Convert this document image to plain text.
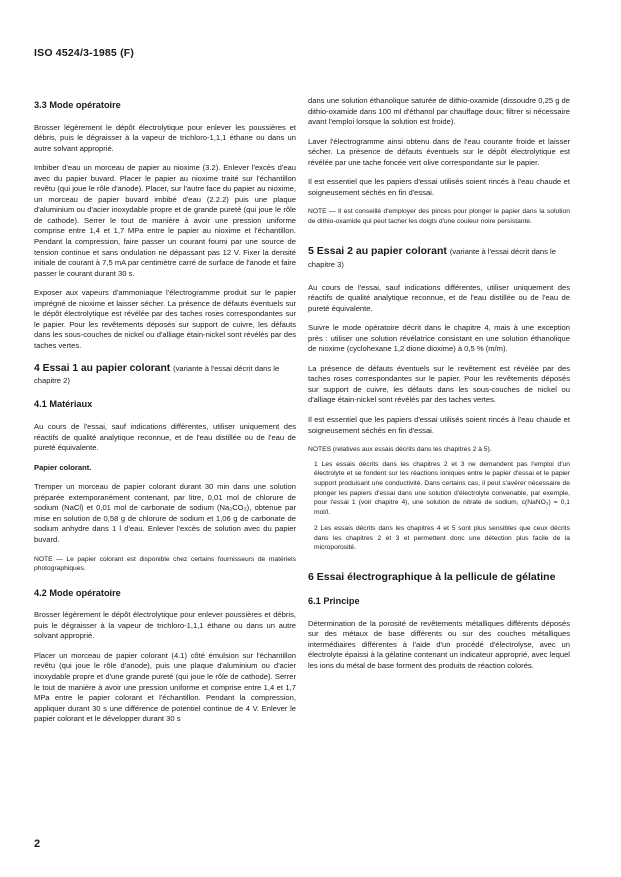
ISO 4524/3-1985 (F)
3.3 Mode opératoire

Brosser légèrement le dépôt électrolytique pour enlever les poussières et débris, puis le dégraisser à la vapeur de trichloro-1,1,1 éthane ou dans un autre solvant approprié.

Imbiber d'eau un morceau de papier au nioxime (3.2). Enlever l'excès d'eau avec du papier buvard. Placer le papier au nioxime traité sur l'échantillon revêtu (qui joue le rôle d'anode). Placer, sur l'autre face du papier au nioxime, un morceau de papier buvard imbibé d'eau (2.2.2) puis une plaque d'aluminium ou d'acier inoxydable propre et de grande pureté (qui joue le rôle de cathode). Serrer le tout de manière à avoir une pression uniforme comprise entre 1,4 et 1,7 MPa entre le papier au nioxime et l'échantillon. Pendant la compression, faire passer un courant fourni par une source de tension continue et sans ondulation ne dépassant pas 12 V. Fixer la densité initiale de courant à 7,5 mA par centimètre carré de surface de l'anode et faire passer le courant durant 30 s.

Exposer aux vapeurs d'ammoniaque l'électrogramme produit sur le papier imprégné de nioxime et laisser sécher. La présence de défauts éventuels sur le dépôt électrolytique est révélée par des taches roses correspondantes sur le papier. Pour les revêtements déposés sur support de cuivre, les défauts dans les sous-couches de nickel ou d'alliage étain-nickel sont révélés par des taches vertes.

4 Essai 1 au papier colorant (variante à l'essai décrit dans le chapitre 2)
4.1 Matériaux

Au cours de l'essai, sauf indications différentes, utiliser uniquement des réactifs de qualité analytique reconnue, et de l'eau distillée ou de l'eau de pureté équivalente.

Papier colorant.

Tremper un morceau de papier colorant durant 30 min dans une solution préparée extemporanément contenant, par litre, 0,01 mol de chlorure de sodium (NaCl) et 0,01 mol de carbonate de sodium (Na₂CO₃), obtenue par mise en solution de 0,58 g de chlorure de sodium et 1,06 g de carbonate de sodium anhydre dans 1 l d'eau. Enlever l'excès de solution avec du papier buvard.

NOTE — Le papier colorant est disponible chez certains fournisseurs de matériels photographiques.

4.2 Mode opératoire

Brosser légèrement le dépôt électrolytique pour enlever poussières et débris, puis le dégraisser à la vapeur de trichloro-1,1,1 éthane ou dans un autre solvant approprié.

Placer un morceau de papier colorant (4.1) côté émulsion sur l'échantillon revêtu (qui joue le rôle d'anode), puis une plaque d'aluminium ou d'acier inoxydable propre et d'une grande pureté (qui joue le rôle de cathode). Serrer le tout de manière à avoir une pression uniforme et comprise entre 1,4 et 1,7 MPa entre le papier colorant et l'échantillon. Pendant la compression, appliquer durant 30 s une différence de potentiel continue de 4 V. Enlever le papier colorant et le développer durant 30 s

dans une solution éthanolique saturée de dithio-oxamide (dissoudre 0,25 g de dithio-oxamide dans 100 ml d'éthanol par chauffage doux; filtrer si nécessaire avant l'emploi lorsque la solution est froide).

Laver l'électrogramme ainsi obtenu dans de l'eau courante froide et laisser sécher. La présence de défauts éventuels sur le dépôt électrolytique est révélée par une tache foncée vert olive correspondante sur le papier.

Il est essentiel que les papiers d'essai utilisés soient rincés à l'eau chaude et soigneusement séchés en fin d'essai.

NOTE — Il est conseillé d'employer des pinces pour plonger le papier dans la solution de dithio-oxamide qui peut tacher les doigts d'une couleur noire persistante.

5 Essai 2 au papier colorant (variante à l'essai décrit dans le chapitre 3)

Au cours de l'essai, sauf indications différentes, utiliser uniquement des réactifs de qualité analytique reconnue, et de l'eau distillée ou de l'eau de pureté équivalente.

Suivre le mode opératoire décrit dans le chapitre 4, mais à une exception près : utiliser une solution révélatrice consistant en une solution éthanolique de nioxime (cyclohexane 1,2 dione dioxime) à 0,5 % (m/m).

La présence de défauts éventuels sur le revêtement est révélée par des taches roses correspondantes sur le papier. Pour les revêtements déposés sur support de cuivre, les défauts dans les sous-couches de nickel ou d'alliage étain-nickel sont révélés par des taches vertes.

Il est essentiel que les papiers d'essai utilisés soient rincés à l'eau chaude et soigneusement séchés en fin d'essai.

NOTES (relatives aux essais décrits dans les chapitres 2 à 5).

1 Les essais décrits dans les chapitres 2 et 3 ne demandent pas l'emploi d'un électrolyte et se fondent sur les réactions ioniques entre le papier d'essai et le papier support produisant une conductivité. Dans certains cas, il peut s'avérer nécessaire de plonger les papiers d'essai dans une solution d'électrolyte convenable, par exemple, pour l'essai 1 (voir chapitre 4), une solution de nitrate de sodium, c(NaNO₃) = 0,1 mol/l.

2 Les essais décrits dans les chapitres 4 et 5 sont plus sensibles que ceux décrits dans les chapitres 2 et 3 et permettent donc une détection plus facile de la microporosité.

6 Essai électrographique à la pellicule de gélatine
6.1 Principe

Détermination de la porosité de revêtements métalliques différents déposés sur des métaux de base différents ou sur des couches métalliques intermédiaires différentes à l'aide d'un procédé d'électrolyse, avec un électrolyte épaissi à la gélatine contenant un indicateur approprié, avec lequel les ions du métal de base forment des produits de réaction colorés.

2
